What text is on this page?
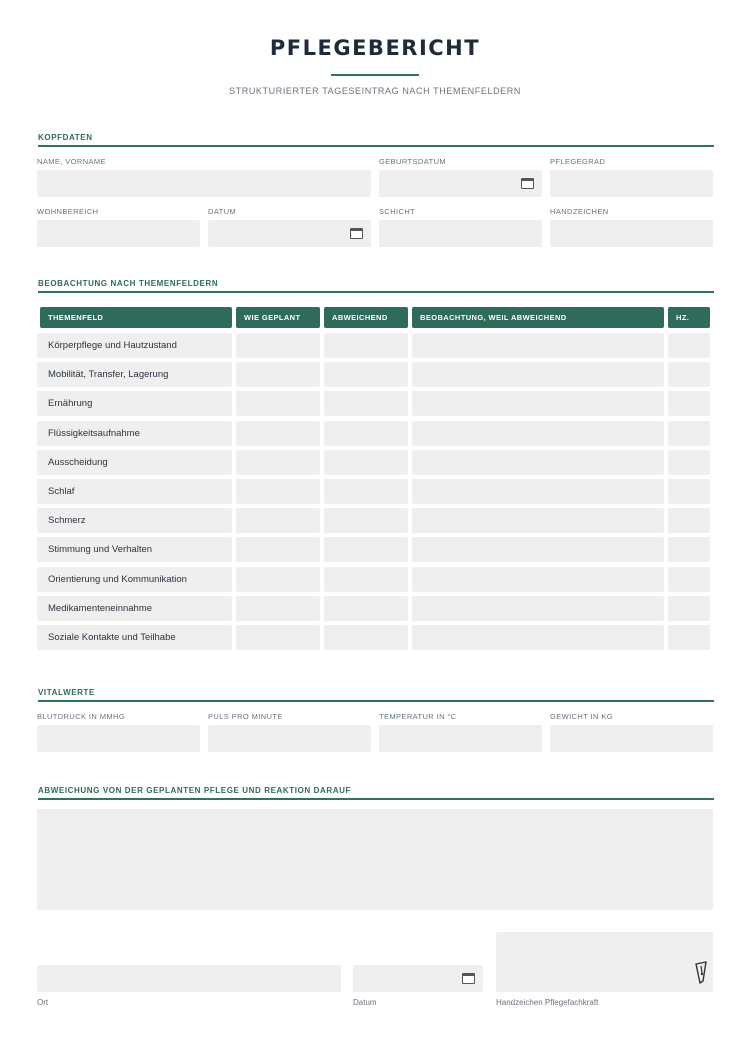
PFLEGEBERICHT
STRUKTURIERTER TAGESEINTRAG NACH THEMENFELDERN
KOPFDATEN
NAME, VORNAME	GEBURTSDATUM	PFLEGEGRAD
WOHNBEREICH	DATUM	SCHICHT	HANDZEICHEN
BEOBACHTUNG NACH THEMENFELDERN
THEMENFELD	WIE GEPLANT	ABWEICHEND	BEOBACHTUNG, WEIL ABWEICHEND	HZ.
Körperpflege und Hautzustand
Mobilität, Transfer, Lagerung
Ernährung
Flüssigkeitsaufnahme
Ausscheidung
Schlaf
Schmerz
Stimmung und Verhalten
Orientierung und Kommunikation
Medikamenteneinnahme
Soziale Kontakte und Teilhabe
VITALWERTE
BLUTDRUCK IN MMHG	PULS PRO MINUTE	TEMPERATUR IN °C	GEWICHT IN KG
ABWEICHUNG VON DER GEPLANTEN PFLEGE UND REAKTION DARAUF
Ort	Datum	Handzeichen Pflegefachkraft
